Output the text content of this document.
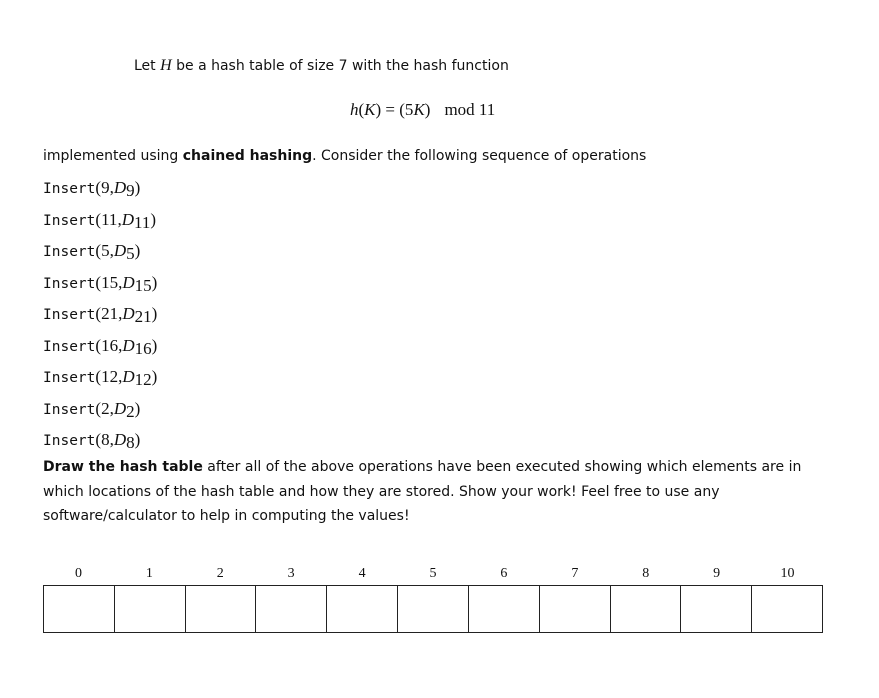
Let H be a hash table of size 7 with the hash function
h(K) = (5K) mod 11
implemented using chained hashing. Consider the following sequence of operations
$Insert(9,D_9)$
$Insert(11,D_{11})$
$Insert(5,D_5)$
$Insert(15,D_{15})$
$Insert(21,D_{21})$
$Insert(16,D_{16})$
$Insert(12,D_{12})$
$Insert(2,D_2)$
$Insert(8,D_8)$
Draw the hash table after all of the above operations have been executed showing which elements are in which locations of the hash table and how they are stored. Show your work! Feel free to use any software/calculator to help in computing the values!
0	1	2	3	4	5	6	7	8	9	10
